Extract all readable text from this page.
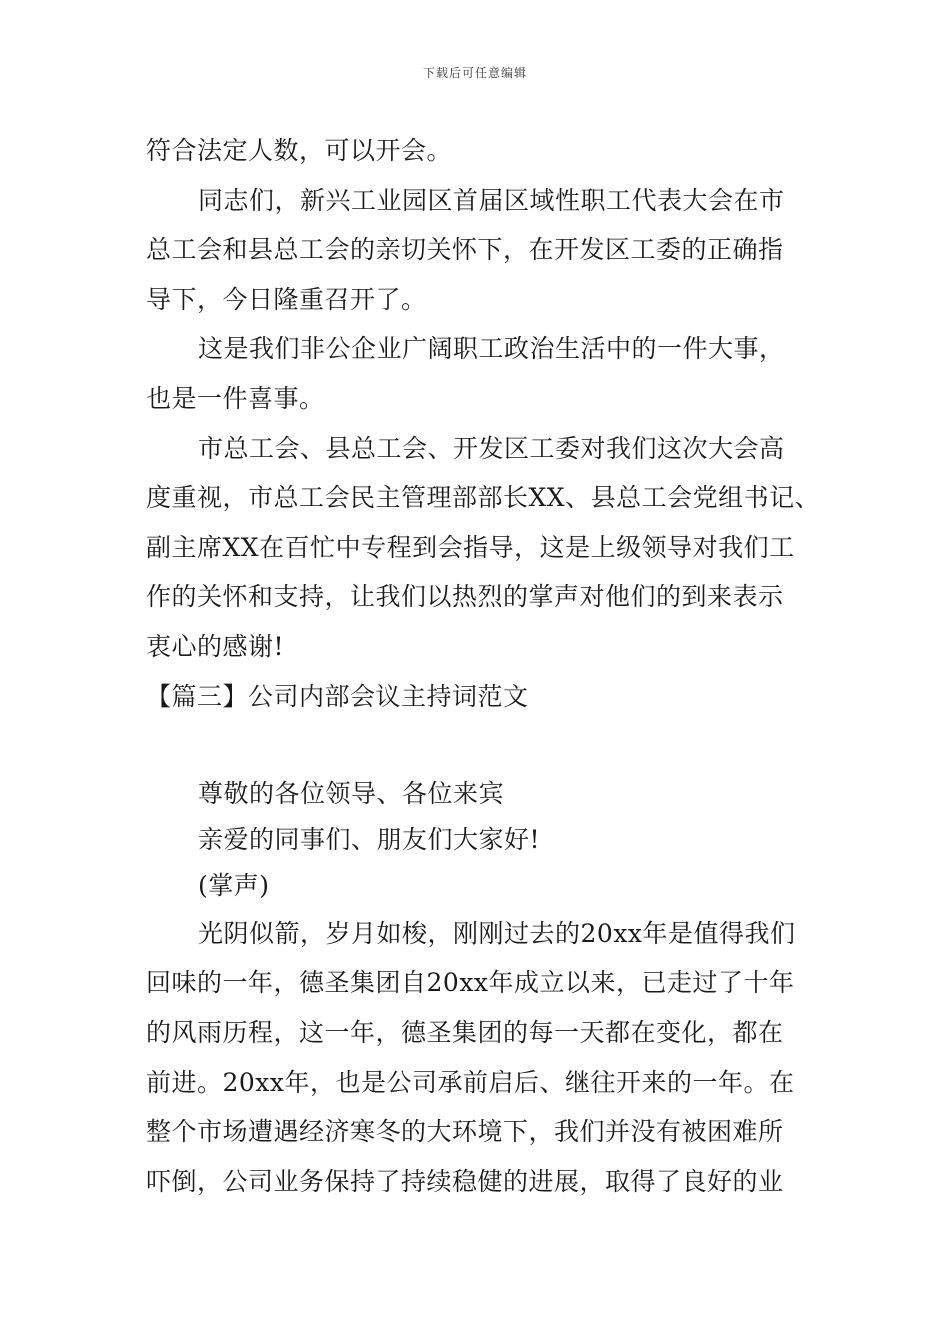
下载后可任意编辑
符合法定人数，可以开会。
同志们，新兴工业园区首届区域性职工代表大会在市
总工会和县总工会的亲切关怀下，在开发区工委的正确指
导下，今日隆重召开了。
这是我们非公企业广阔职工政治生活中的一件大事，
也是一件喜事。
市总工会、县总工会、开发区工委对我们这次大会高
度重视，市总工会民主管理部部长XX、县总工会党组书记、
副主席XX在百忙中专程到会指导，这是上级领导对我们工
作的关怀和支持，让我们以热烈的掌声对他们的到来表示
衷心的感谢!
【篇三】公司内部会议主持词范文
尊敬的各位领导、各位来宾
亲爱的同事们、朋友们大家好!
(掌声)
光阴似箭，岁月如梭，刚刚过去的20xx年是值得我们
回味的一年，德圣集团自20xx年成立以来，已走过了十年
的风雨历程，这一年，德圣集团的每一天都在变化，都在
前进。20xx年，也是公司承前启后、继往开来的一年。在
整个市场遭遇经济寒冬的大环境下，我们并没有被困难所
吓倒，公司业务保持了持续稳健的进展，取得了良好的业
